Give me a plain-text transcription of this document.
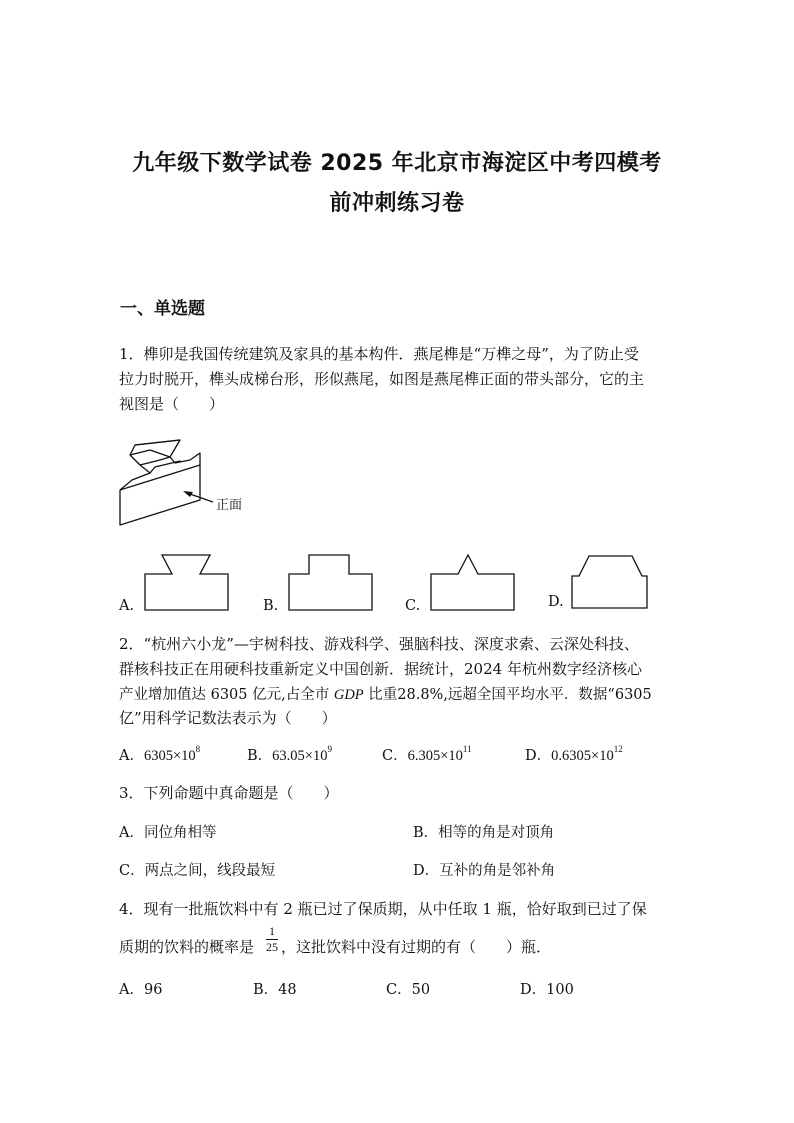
九年级下数学试卷 2025 年北京市海淀区中考四模考
前冲刺练习卷
一、单选题
1．榫卯是我国传统建筑及家具的基本构件．燕尾榫是“万榫之母”，为了防止受
拉力时脱开，榫头成梯台形，形似燕尾，如图是燕尾榫正面的带头部分，它的主
视图是（　　）
正面
A.	B.	C.	D.
2．“杭州六小龙”—宇树科技、游戏科学、强脑科技、深度求索、云深处科技、
群核科技正在用硬科技重新定义中国创新．据统计，2024 年杭州数字经济核心
产业增加值达 6305 亿元,占全市 GDP 比重28.8%,远超全国平均水平．数据“6305
亿”用科学记数法表示为（　　）
A．$6305\times 10^8$	B．$63.05\times 10^9$	C．$6.305\times 10^{11}$	D．$0.6305\times 10^{12}$
3．下列命题中真命题是（　　）
A．同位角相等	B．相等的角是对顶角
C．两点之间，线段最短	D．互补的角是邻补角
4．现有一批瓶饮料中有 2 瓶已过了保质期，从中任取 1 瓶，恰好取到已过了保
质期的饮料的概率是
1
25 ，这批饮料中没有过期的有（　　）瓶．
A．96	B．48	C．50	D．100
